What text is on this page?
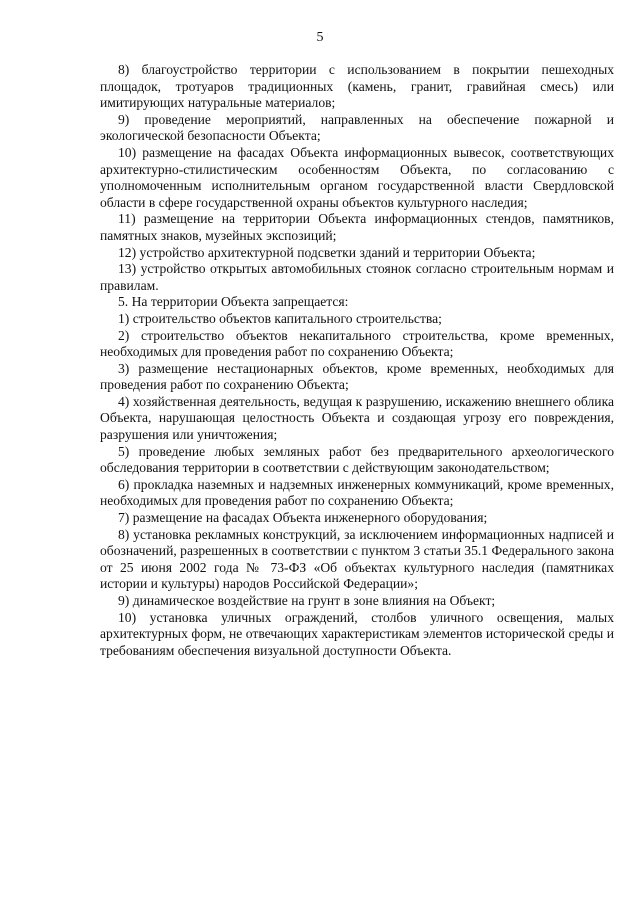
5

8) благоустройство территории с использованием в покрытии пешеходных площадок, тротуаров традиционных (камень, гранит, гравийная смесь) или имитирующих натуральные материалов;

9) проведение мероприятий, направленных на обеспечение пожарной и экологической безопасности Объекта;

10) размещение на фасадах Объекта информационных вывесок, соответствующих архитектурно-стилистическим особенностям Объекта, по согласованию с уполномоченным исполнительным органом государственной власти Свердловской области в сфере государственной охраны объектов культурного наследия;

11) размещение на территории Объекта информационных стендов, памятников, памятных знаков, музейных экспозиций;

12) устройство архитектурной подсветки зданий и территории Объекта;

13) устройство открытых автомобильных стоянок согласно строительным нормам и правилам.

5. На территории Объекта запрещается:

1) строительство объектов капитального строительства;

2) строительство объектов некапитального строительства, кроме временных, необходимых для проведения работ по сохранению Объекта;

3) размещение нестационарных объектов, кроме временных, необходимых для проведения работ по сохранению Объекта;

4) хозяйственная деятельность, ведущая к разрушению, искажению внешнего облика Объекта, нарушающая целостность Объекта и создающая угрозу его повреждения, разрушения или уничтожения;

5) проведение любых земляных работ без предварительного археологического обследования территории в соответствии с действующим законодательством;

6) прокладка наземных и надземных инженерных коммуникаций, кроме временных, необходимых для проведения работ по сохранению Объекта;

7) размещение на фасадах Объекта инженерного оборудования;

8) установка рекламных конструкций, за исключением информационных надписей и обозначений, разрешенных в соответствии с пунктом 3 статьи 35.1 Федерального закона от 25 июня 2002 года № 73-ФЗ «Об объектах культурного наследия (памятниках истории и культуры) народов Российской Федерации»;

9) динамическое воздействие на грунт в зоне влияния на Объект;

10) установка уличных ограждений, столбов уличного освещения, малых архитектурных форм, не отвечающих характеристикам элементов исторической среды и требованиям обеспечения визуальной доступности Объекта.
